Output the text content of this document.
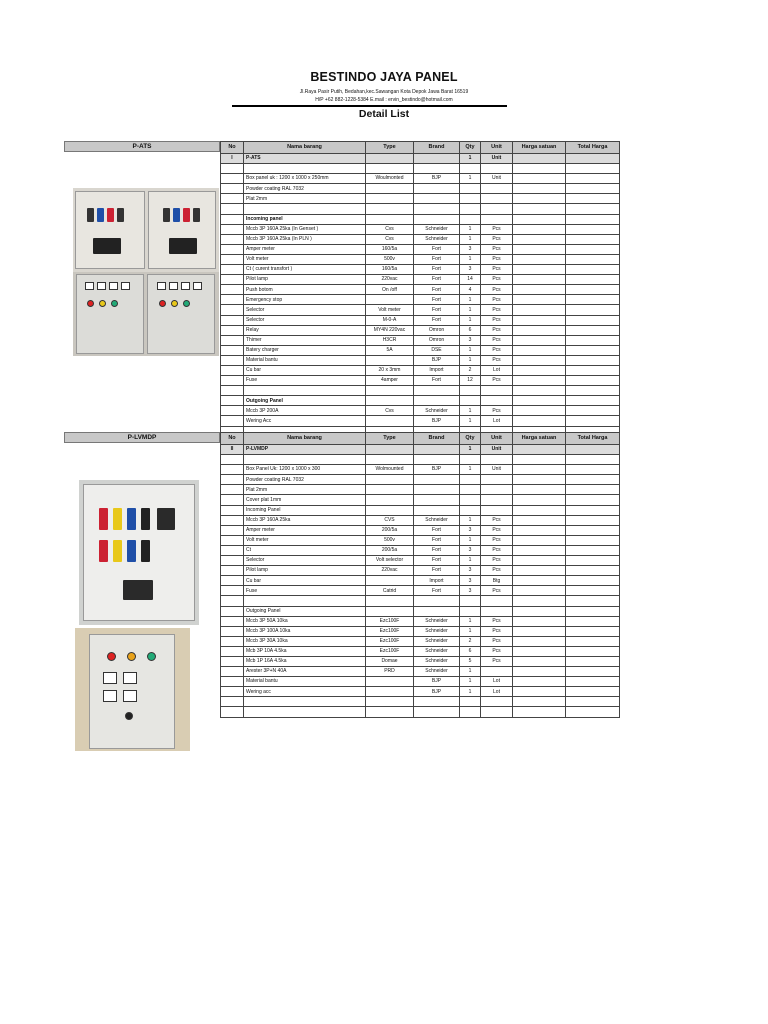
BESTINDO JAYA PANEL
Jl.Raya Pasir Putih, Bedahan,kec.Sawangan Kota Depok Jawa Barat 16519
H/P +62 882-1228-5384 E.mail : ervin_bestindo@hotmail.com
Detail List
P-ATS	No	Nama barang	Type	Brand	Qty	Unit	Harga satuan	Total Harga
I	P-ATS			1	Unit		

	Box panel uk : 1200 x 1000 x 250mm	Woulmonted	BJP	1	Unit		
	Powder coating RAL 7032						
	Plat 2mm						

	Incoming panel						
	Mccb 3P 160A 25ka (In Genset )	Cvs	Schneider	1	Pcs		
	Mccb 3P 160A 25ka (In PLN )	Cvs	Schneider	1	Pcs		
	Amper meter	160/5a	Fort	3	Pcs		
	Volt meter	500v	Fort	1	Pcs		
	Ct ( curent transfort )	160/5a	Fort	3	Pcs		
	Pilot lamp	220vac	Fort	14	Pcs		
	Push botom	On /off	Fort	4	Pcs		
	Emergency stop		Fort	1	Pcs		
	Selector	Volt meter	Fort	1	Pcs		
	Selector	M-0-A	Fort	1	Pcs		
	Relay	MY4N 220vac	Omron	6	Pcs		
	Thimer	H3CR	Omron	3	Pcs		
	Batery charger	5A	DSE	1	Pcs		
	Material bantu		BJP	1	Pcs		
	Cu bar	20 x 3mm	Import	2	Lot		
	Fuse	4amper	Fort	12	Pcs		

	Outgoing Panel						
	Mccb 3P 200A	Cvs	Schneider	1	Pcs		
	Wering Acc		BJP	1	Lot		

P-LVMDP	No	Nama barang	Type	Brand	Qty	Unit	Harga satuan	Total Harga
II	P-LVMDP			1	Unit		

	Box Panel Uk: 1200 x 1000 x 300	Wolmounted	BJP	1	Unit		
	Powder coating RAL 7032						
	Plat 2mm						
	Cover plat 1mm						
	Incoming Panel						
	Mccb 3P 160A 25ka	CVS	Schneider	1	Pcs		
	Amper meter	200/5a	Fort	3	Pcs		
	Volt meter	500v	Fort	1	Pcs		
	Ct	200/5a	Fort	3	Pcs		
	Selector	Volt selector	Fort	1	Pcs		
	Pilot lamp	220vac	Fort	3	Pcs		
	Cu bar		Import	3	Btg		
	Fuse	Catrid	Fort	3	Pcs		

	Outgoing Panel						
	Mccb 3P 50A 10ka	Ezc100F	Schneider	1	Pcs		
	Mccb 3P 100A 10ka	Ezc100F	Schneider	1	Pcs		
	Mccb 3P 30A 10ka	Ezc100F	Schneider	2	Pcs		
	Mcb 3P 10A 4.5ka	Ezc100F	Schneider	6	Pcs		
	Mcb 1P 16A 4.5ka	Domae	Schneider	5	Pcs		
	Arester 3P+N 40A	PRD	Schneider	1			
	Material bantu		BJP	1	Lot		
	Wering acc		BJP	1	Lot		
